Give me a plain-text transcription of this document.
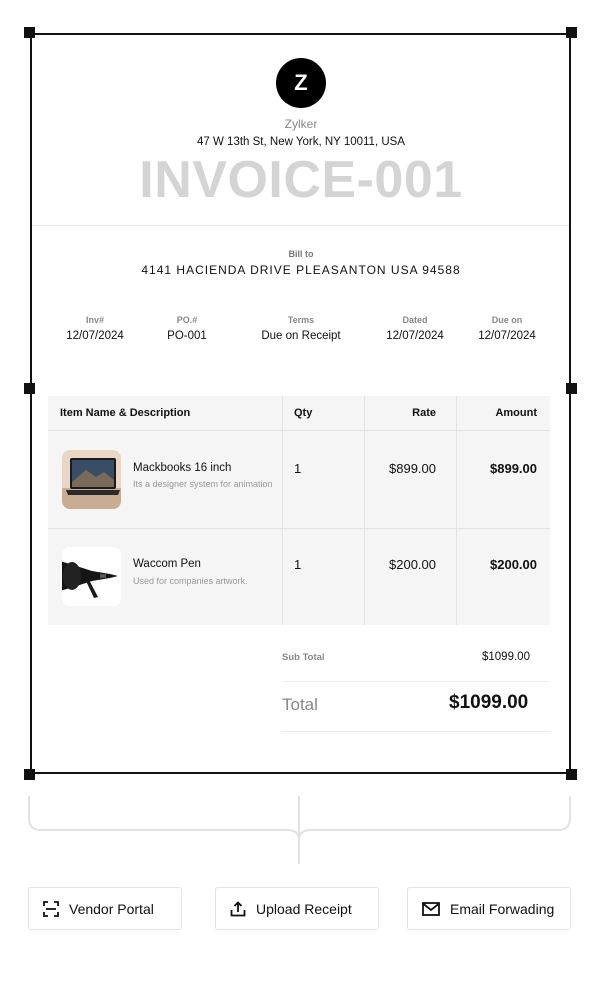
Z
Zylker
47 W 13th St, New York, NY 10011, USA
INVOICE-001
Bill to
4141 HACIENDA DRIVE PLEASANTON USA 94588
Inv#
12/07/2024
PO.#
PO-001
Terms
Due on Receipt
Dated
12/07/2024
Due on
12/07/2024
Item Name & Description	Qty	Rate	Amount
Mackbooks 16 inch
Its a designer system for animation
1	$899.00	$899.00
Waccom Pen
Used for companies artwork.
1	$200.00	$200.00
Sub Total	$1099.00
Total	$1099.00
Vendor Portal	Upload Receipt	Email Forwading
